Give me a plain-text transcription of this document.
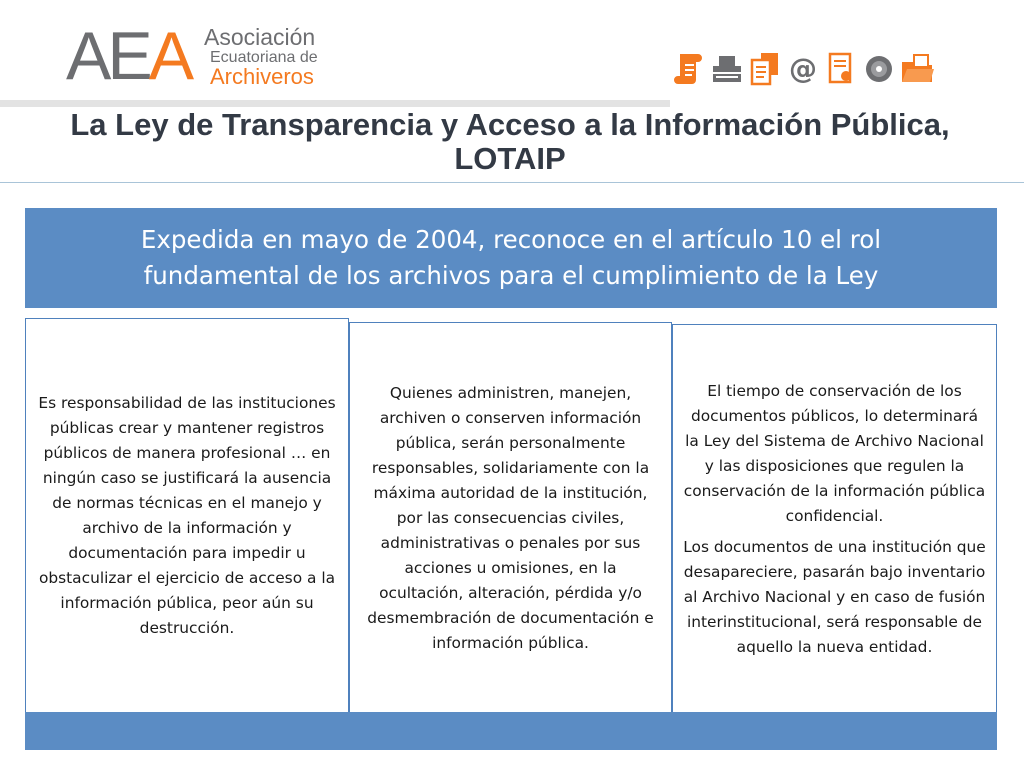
AEA Asociación
Ecuatoriana de
Archiveros	@
La Ley de Transparencia y Acceso a la Información Pública, LOTAIP
Expedida en mayo de 2004, reconoce en el artículo 10 el rol fundamental de los archivos para el cumplimiento de la Ley

Es responsabilidad de las instituciones públicas crear y mantener registros públicos de manera profesional … en ningún caso se justificará la ausencia de normas técnicas en el manejo y archivo de la información y documentación para impedir u obstaculizar el ejercicio de acceso a la información pública, peor aún su destrucción.

Quienes administren, manejen, archiven o conserven información pública, serán personalmente responsables, solidariamente con la máxima autoridad de la institución, por las consecuencias civiles, administrativas o penales por sus acciones u omisiones, en la ocultación, alteración, pérdida y/o desmembración de documentación e información pública.

El tiempo de conservación de los documentos públicos, lo determinará la Ley del Sistema de Archivo Nacional y las disposiciones que regulen la conservación de la información pública confidencial.

Los documentos de una institución que desapareciere, pasarán bajo inventario al Archivo Nacional y en caso de fusión interinstitucional, será responsable de aquello la nueva entidad.
